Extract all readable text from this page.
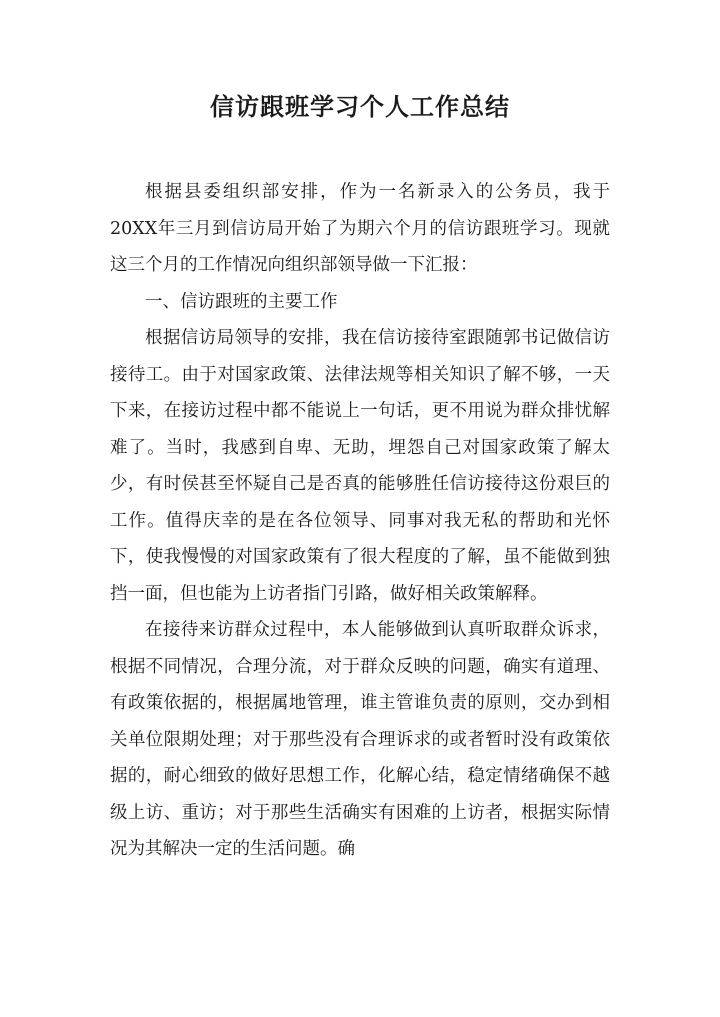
信访跟班学习个人工作总结

根据县委组织部安排，作为一名新录入的公务员，我于20XX年三月到信访局开始了为期六个月的信访跟班学习。现就这三个月的工作情况向组织部领导做一下汇报：

一、信访跟班的主要工作

根据信访局领导的安排，我在信访接待室跟随郭书记做信访接待工。由于对国家政策、法律法规等相关知识了解不够，一天下来，在接访过程中都不能说上一句话，更不用说为群众排忧解难了。当时，我感到自卑、无助，埋怨自己对国家政策了解太少，有时侯甚至怀疑自己是否真的能够胜任信访接待这份艰巨的工作。值得庆幸的是在各位领导、同事对我无私的帮助和光怀下，使我慢慢的对国家政策有了很大程度的了解，虽不能做到独挡一面，但也能为上访者指门引路，做好相关政策解释。

在接待来访群众过程中，本人能够做到认真听取群众诉求，根据不同情况，合理分流，对于群众反映的问题，确实有道理、有政策依据的，根据属地管理，谁主管谁负责的原则，交办到相关单位限期处理；对于那些没有合理诉求的或者暂时没有政策依据的，耐心细致的做好思想工作，化解心结，稳定情绪确保不越级上访、重访；对于那些生活确实有困难的上访者，根据实际情况为其解决一定的生活问题。确
